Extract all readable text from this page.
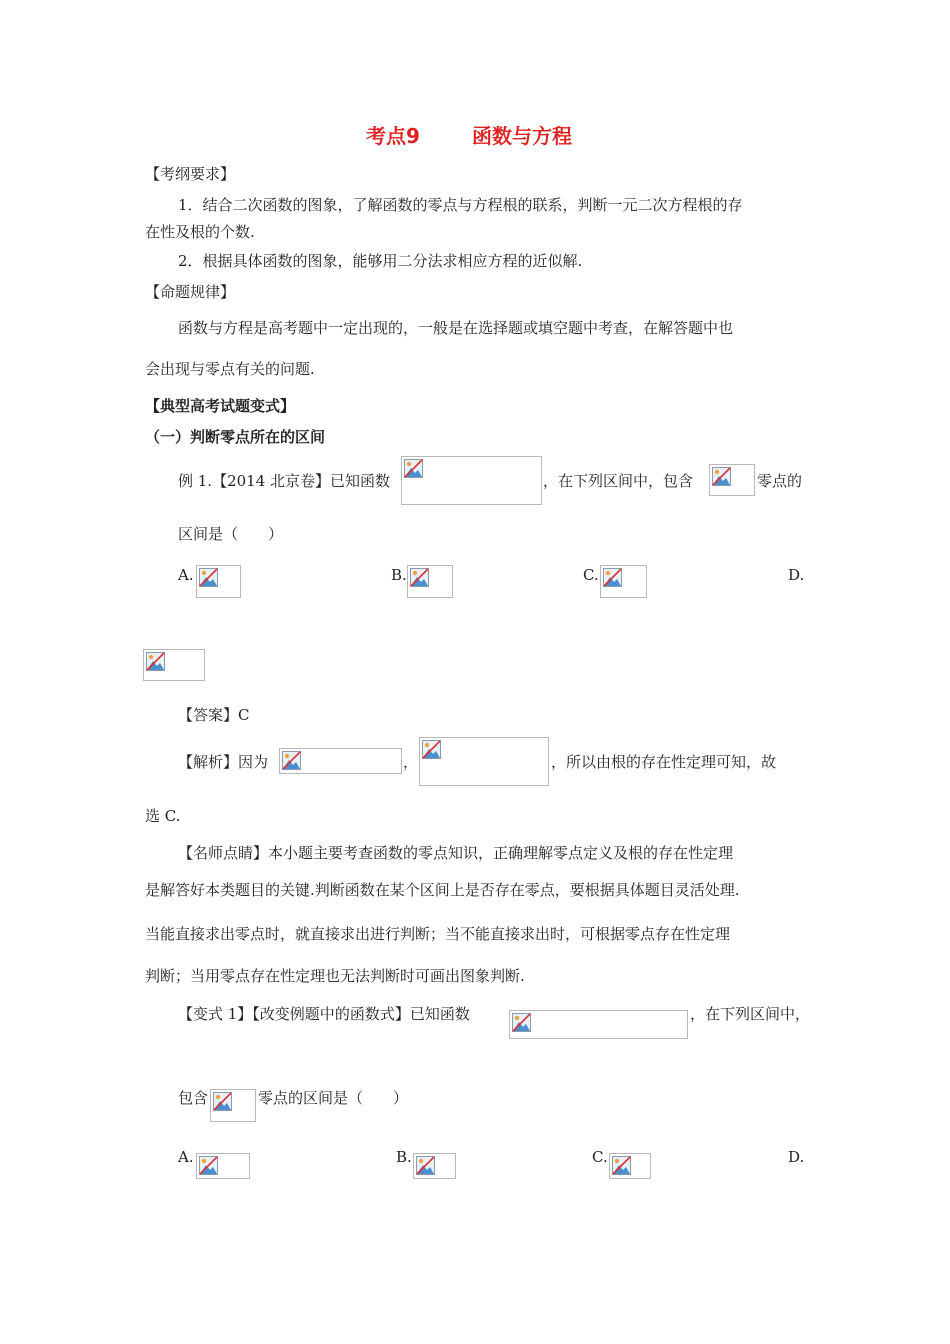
考点9	函数与方程
【考纲要求】
1．结合二次函数的图象，了解函数的零点与方程根的联系，判断一元二次方程根的存
在性及根的个数.
2．根据具体函数的图象，能够用二分法求相应方程的近似解.
【命题规律】
函数与方程是高考题中一定出现的，一般是在选择题或填空题中考查，在解答题中也
会出现与零点有关的问题.
【典型高考试题变式】
（一）判断零点所在的区间
例 1.【2014 北京卷】已知函数	，在下列区间中，包含	零点的
区间是（　　）
A.	B.	C.	D.
【答案】C
【解析】因为	，	，所以由根的存在性定理可知，故
选 C.
【名师点睛】本小题主要考查函数的零点知识，正确理解零点定义及根的存在性定理
是解答好本类题目的关键.判断函数在某个区间上是否存在零点，要根据具体题目灵活处理.
当能直接求出零点时，就直接求出进行判断；当不能直接求出时，可根据零点存在性定理
判断；当用零点存在性定理也无法判断时可画出图象判断.
【变式 1】【改变例题中的函数式】已知函数	，在下列区间中，
包含	零点的区间是（　　）
A.	B.	C.	D.
